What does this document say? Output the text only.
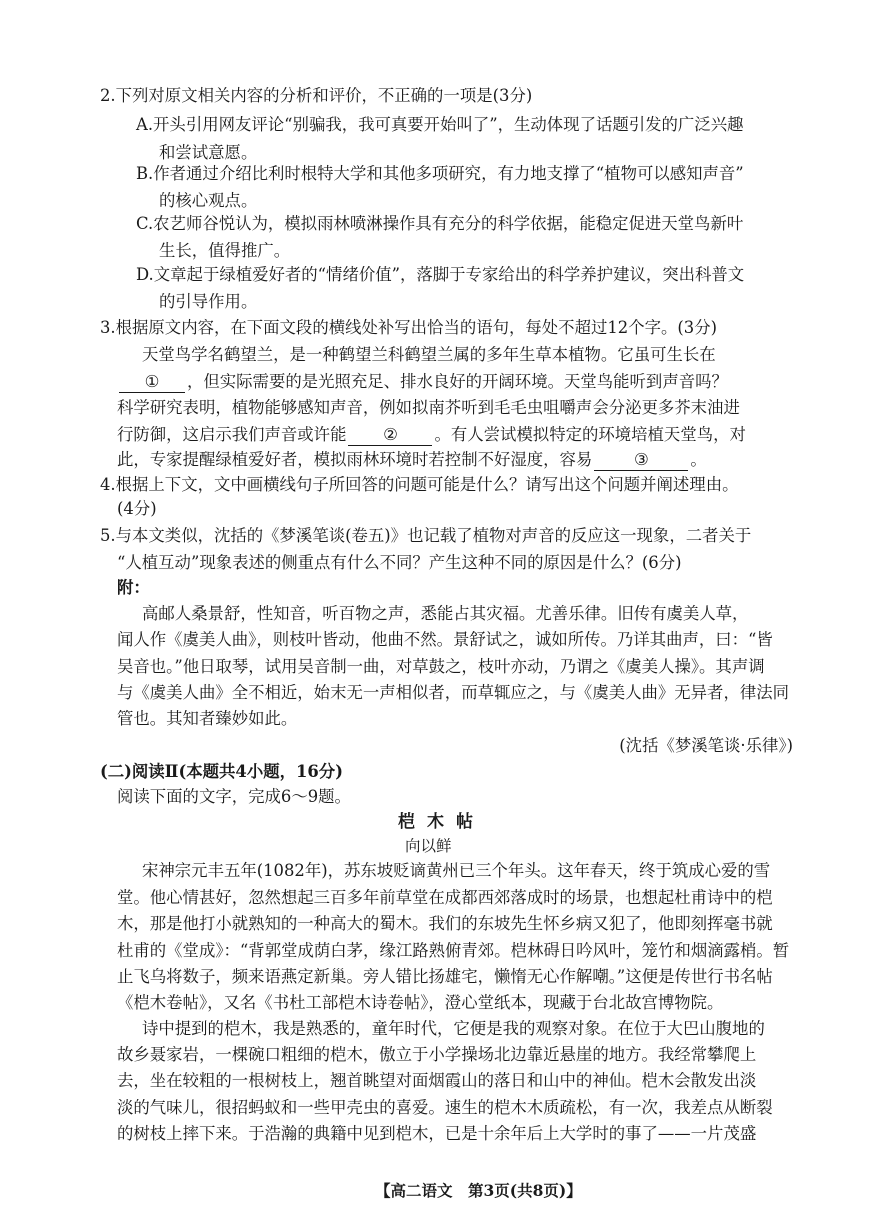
2.下列对原文相关内容的分析和评价，不正确的一项是(3分)
A.开头引用网友评论“别骗我，我可真要开始叫了”，生动体现了话题引发的广泛兴趣
和尝试意愿。
B.作者通过介绍比利时根特大学和其他多项研究，有力地支撑了“植物可以感知声音”
的核心观点。
C.农艺师谷悦认为，模拟雨林喷淋操作具有充分的科学依据，能稳定促进天堂鸟新叶
生长，值得推广。
D.文章起于绿植爱好者的“情绪价值”，落脚于专家给出的科学养护建议，突出科普文
的引导作用。
3.根据原文内容，在下面文段的横线处补写出恰当的语句，每处不超过12个字。(3分)
天堂鸟学名鹤望兰，是一种鹤望兰科鹤望兰属的多年生草本植物。它虽可生长在
① ，但实际需要的是光照充足、排水良好的开阔环境。天堂鸟能听到声音吗？
科学研究表明，植物能够感知声音，例如拟南芥听到毛毛虫咀嚼声会分泌更多芥末油进
行防御，这启示我们声音或许能 ② 。有人尝试模拟特定的环境培植天堂鸟，对
此，专家提醒绿植爱好者，模拟雨林环境时若控制不好湿度，容易	③	。
4.根据上下文，文中画横线句子所回答的问题可能是什么？请写出这个问题并阐述理由。
(4分)
5.与本文类似，沈括的《梦溪笔谈(卷五)》也记载了植物对声音的反应这一现象，二者关于
“人植互动”现象表述的侧重点有什么不同？产生这种不同的原因是什么？(6分)
附：
高邮人桑景舒，性知音，听百物之声，悉能占其灾福。尤善乐律。旧传有虞美人草，
闻人作《虞美人曲》，则枝叶皆动，他曲不然。景舒试之，诚如所传。乃详其曲声，曰：“皆
吴音也。”他日取琴，试用吴音制一曲，对草鼓之，枝叶亦动，乃谓之《虞美人操》。其声调
与《虞美人曲》全不相近，始末无一声相似者，而草辄应之，与《虞美人曲》无异者，律法同
管也。其知者臻妙如此。
(沈括《梦溪笔谈·乐律》)
(二)阅读Ⅱ(本题共4小题，16分)
阅读下面的文字，完成6～9题。
桤木帖
向以鲜
宋神宗元丰五年(1082年)，苏东坡贬谪黄州已三个年头。这年春天，终于筑成心爱的雪
堂。他心情甚好，忽然想起三百多年前草堂在成都西郊落成时的场景，也想起杜甫诗中的桤
木，那是他打小就熟知的一种高大的蜀木。我们的东坡先生怀乡病又犯了，他即刻挥毫书就
杜甫的《堂成》：“背郭堂成荫白茅，缘江路熟俯青郊。桤林碍日吟风叶，笼竹和烟滴露梢。暂
止飞乌将数子，频来语燕定新巢。旁人错比扬雄宅，懒惰无心作解嘲。”这便是传世行书名帖
《桤木卷帖》，又名《书杜工部桤木诗卷帖》，澄心堂纸本，现藏于台北故宫博物院。
诗中提到的桤木，我是熟悉的，童年时代，它便是我的观察对象。在位于大巴山腹地的
故乡聂家岩，一棵碗口粗细的桤木，傲立于小学操场北边靠近悬崖的地方。我经常攀爬上
去，坐在较粗的一根树枝上，翘首眺望对面烟霞山的落日和山中的神仙。桤木会散发出淡
淡的气味儿，很招蚂蚁和一些甲壳虫的喜爱。速生的桤木木质疏松，有一次，我差点从断裂
的树枝上摔下来。于浩瀚的典籍中见到桤木，已是十余年后上大学时的事了——一片茂盛
【高二语文　第3页(共8页)】
